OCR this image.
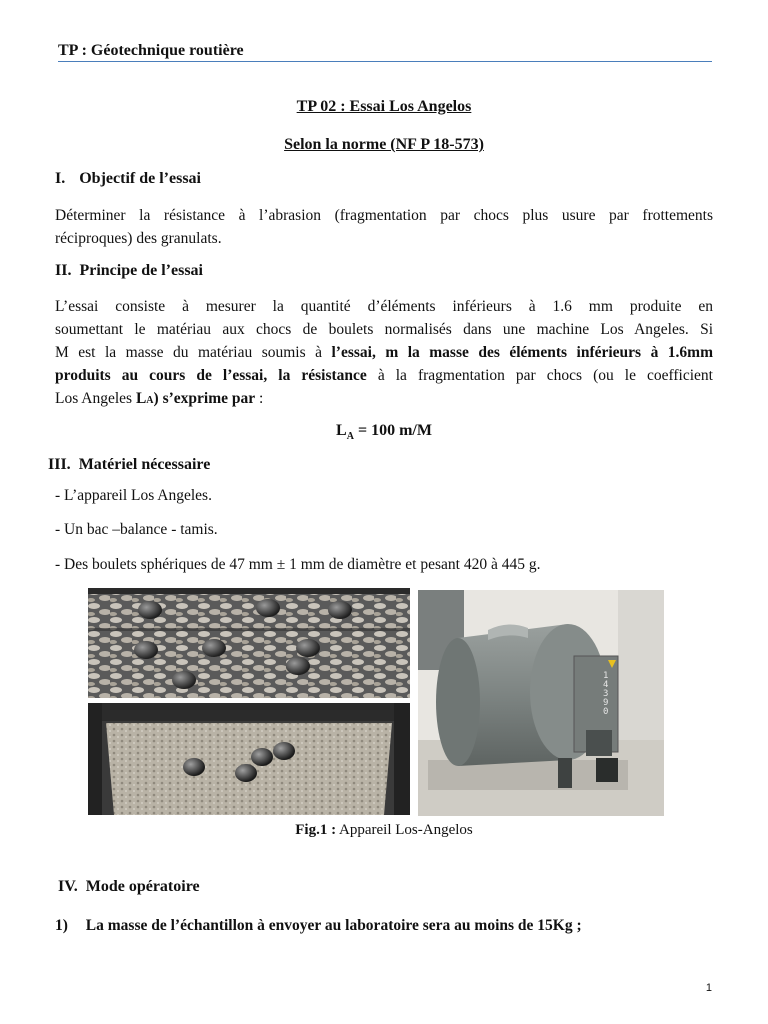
TP : Géotechnique routière
TP 02 : Essai Los Angelos
Selon la norme (NF P 18-573)
I. Objectif de l’essai
Déterminer la résistance à l’abrasion (fragmentation par chocs plus usure par frottements
réciproques) des granulats.
II. Principe de l’essai
L’essai consiste à mesurer la quantité d’éléments inférieurs à 1.6 mm produite en
soumettant le matériau aux chocs de boulets normalisés dans une machine Los Angeles. Si
M est la masse du matériau soumis à l’essai, m la masse des éléments inférieurs à 1.6mm
produits au cours de l’essai, la résistance à la fragmentation par chocs (ou le coefficient
Los Angeles LA) s’exprime par :
$L_A = 100$ m/M
III. Matériel nécessaire
- L’appareil Los Angeles.
- Un bac –balance - tamis.
- Des boulets sphériques de 47 mm ± 1 mm de diamètre et pesant 420 à 445 g.
14390
Fig.1 : Appareil Los-Angelos
IV. Mode opératoire
1) La masse de l’échantillon à envoyer au laboratoire sera au moins de 15Kg ;
1
